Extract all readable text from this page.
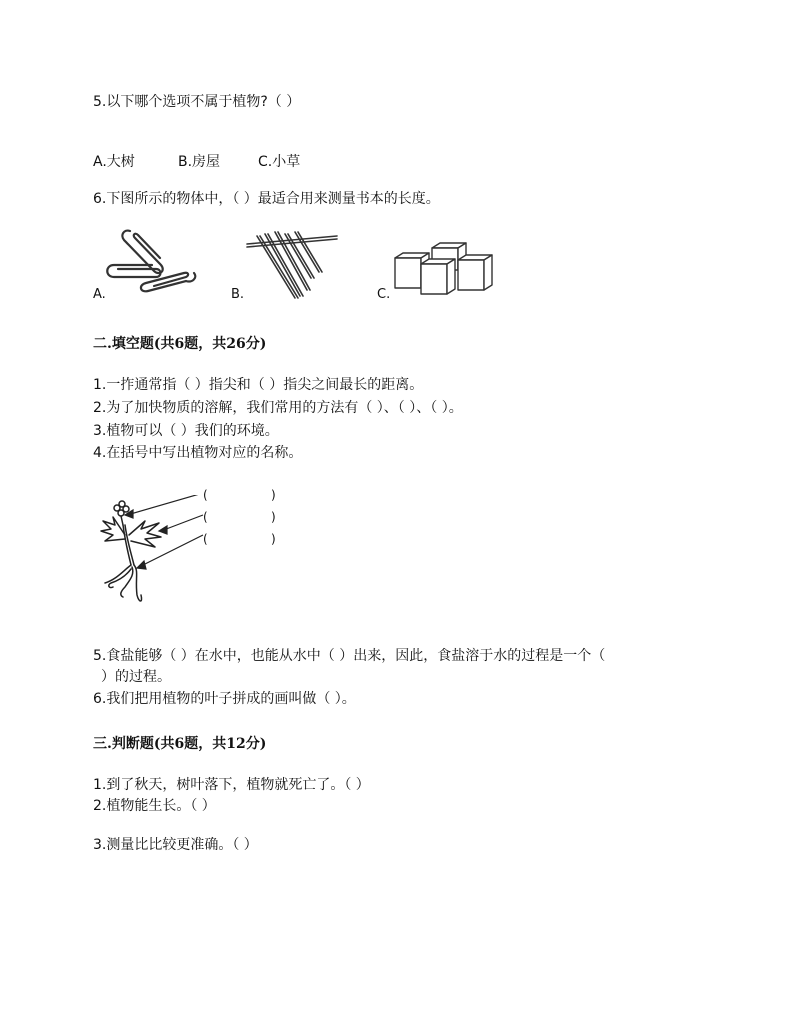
5.以下哪个选项不属于植物?（ ）
A.大树	B.房屋	C.小草
6.下图所示的物体中，（ ）最适合用来测量书本的长度。
A.	B.	C.
二.填空题(共6题，共26分)
1.一拃通常指（ ）指尖和（ ）指尖之间最长的距离。
2.为了加快物质的溶解，我们常用的方法有（ ）、（ ）、（ ）。
3.植物可以（ ）我们的环境。
4.在括号中写出植物对应的名称。
(	)
(	)
(	)
5.食盐能够（ ）在水中，也能从水中（ ）出来，因此，食盐溶于水的过程是一个（
）的过程。
6.我们把用植物的叶子拼成的画叫做（ ）。
三.判断题(共6题，共12分)
1.到了秋天，树叶落下，植物就死亡了。（ ）
2.植物能生长。（ ）
3.测量比比较更准确。（ ）
